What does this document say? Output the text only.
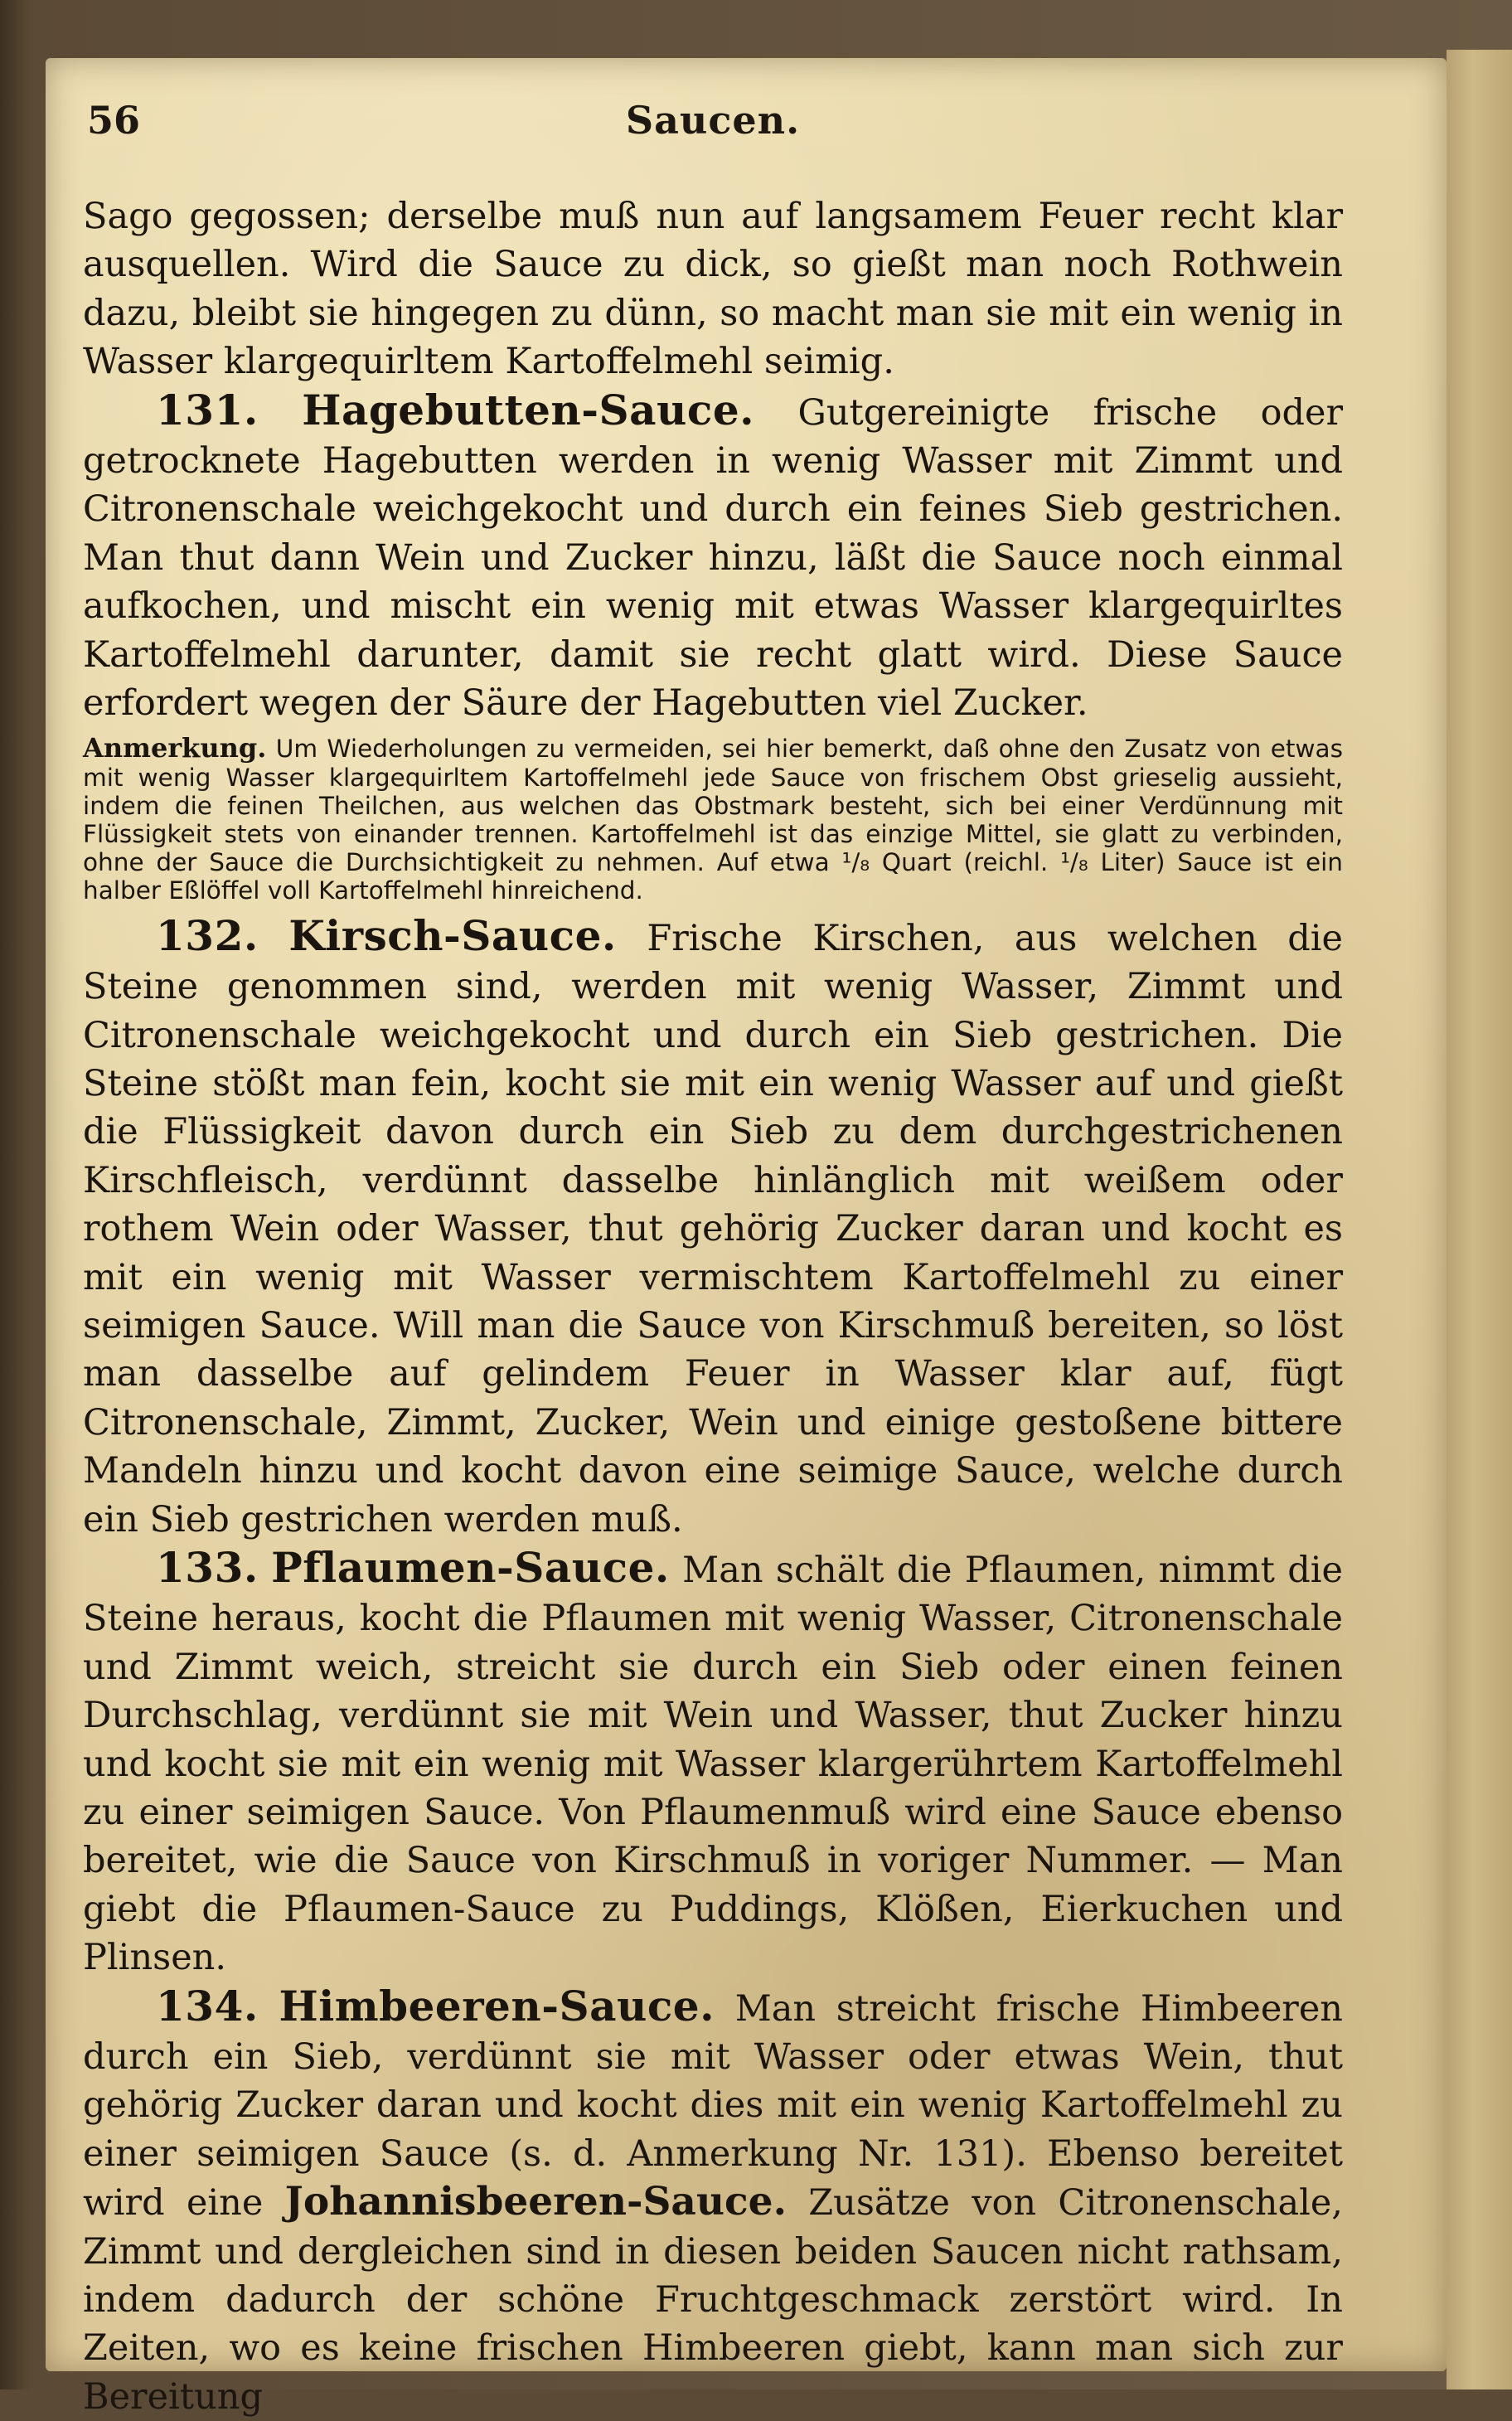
56	Saucen.

Sago gegossen; derselbe muß nun auf langsamem Feuer recht klar ausquellen. Wird die Sauce zu dick, so gießt man noch Rothwein dazu, bleibt sie hingegen zu dünn, so macht man sie mit ein wenig in Wasser klargequirltem Kartoffelmehl seimig.

131. Hagebutten-Sauce. Gutgereinigte frische oder getrocknete Hagebutten werden in wenig Wasser mit Zimmt und Citronenschale weichgekocht und durch ein feines Sieb gestrichen. Man thut dann Wein und Zucker hinzu, läßt die Sauce noch einmal aufkochen, und mischt ein wenig mit etwas Wasser klargequirltes Kartoffelmehl darunter, damit sie recht glatt wird. Diese Sauce erfordert wegen der Säure der Hagebutten viel Zucker.

Anmerkung. Um Wiederholungen zu vermeiden, sei hier bemerkt, daß ohne den Zusatz von etwas mit wenig Wasser klargequirltem Kartoffelmehl jede Sauce von frischem Obst grieselig aussieht, indem die feinen Theilchen, aus welchen das Obstmark besteht, sich bei einer Verdünnung mit Flüssigkeit stets von einander trennen. Kartoffelmehl ist das einzige Mittel, sie glatt zu verbinden, ohne der Sauce die Durchsichtigkeit zu nehmen. Auf etwa ¹/₈ Quart (reichl. ¹/₈ Liter) Sauce ist ein halber Eßlöffel voll Kartoffelmehl hinreichend.

132. Kirsch-Sauce. Frische Kirschen, aus welchen die Steine genommen sind, werden mit wenig Wasser, Zimmt und Citronenschale weichgekocht und durch ein Sieb gestrichen. Die Steine stößt man fein, kocht sie mit ein wenig Wasser auf und gießt die Flüssigkeit davon durch ein Sieb zu dem durchgestrichenen Kirschfleisch, verdünnt dasselbe hinlänglich mit weißem oder rothem Wein oder Wasser, thut gehörig Zucker daran und kocht es mit ein wenig mit Wasser vermischtem Kartoffelmehl zu einer seimigen Sauce. Will man die Sauce von Kirschmuß bereiten, so löst man dasselbe auf gelindem Feuer in Wasser klar auf, fügt Citronenschale, Zimmt, Zucker, Wein und einige gestoßene bittere Mandeln hinzu und kocht davon eine seimige Sauce, welche durch ein Sieb gestrichen werden muß.

133. Pflaumen-Sauce. Man schält die Pflaumen, nimmt die Steine heraus, kocht die Pflaumen mit wenig Wasser, Citronenschale und Zimmt weich, streicht sie durch ein Sieb oder einen feinen Durchschlag, verdünnt sie mit Wein und Wasser, thut Zucker hinzu und kocht sie mit ein wenig mit Wasser klargerührtem Kartoffelmehl zu einer seimigen Sauce. Von Pflaumenmuß wird eine Sauce ebenso bereitet, wie die Sauce von Kirschmuß in voriger Nummer. — Man giebt die Pflaumen-Sauce zu Puddings, Klößen, Eierkuchen und Plinsen.

134. Himbeeren-Sauce. Man streicht frische Himbeeren durch ein Sieb, verdünnt sie mit Wasser oder etwas Wein, thut gehörig Zucker daran und kocht dies mit ein wenig Kartoffelmehl zu einer seimigen Sauce (s. d. Anmerkung Nr. 131). Ebenso bereitet wird eine Johannisbeeren-Sauce. Zusätze von Citronenschale, Zimmt und dergleichen sind in diesen beiden Saucen nicht rathsam, indem dadurch der schöne Fruchtgeschmack zerstört wird. In Zeiten, wo es keine frischen Himbeeren giebt, kann man sich zur Bereitung
